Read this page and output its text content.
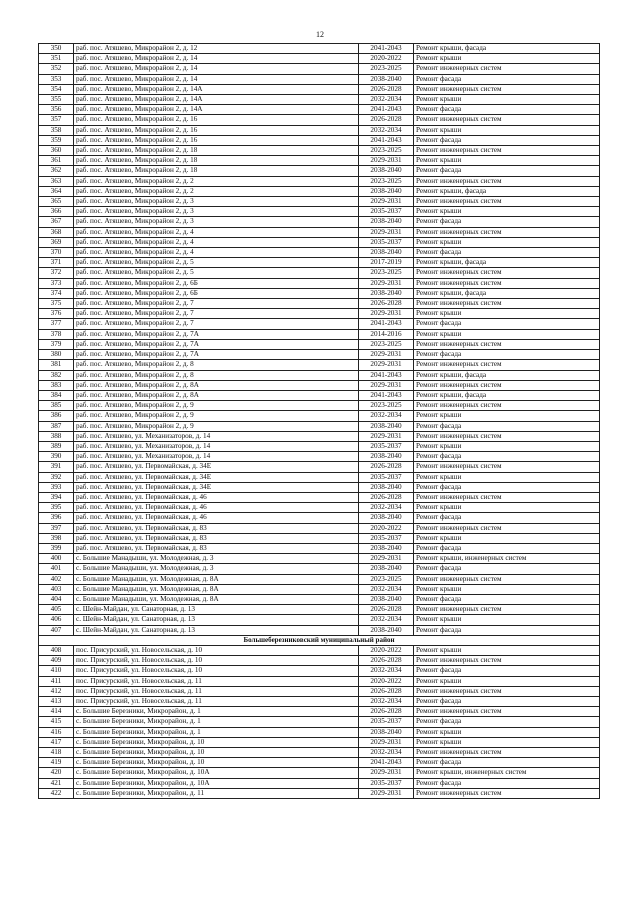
12
350	раб. пос. Атяшево, Микрорайон 2, д. 12	2041-2043	Ремонт крыши, фасада
351	раб. пос. Атяшево, Микрорайон 2, д. 14	2020-2022	Ремонт крыши
352	раб. пос. Атяшево, Микрорайон 2, д. 14	2023-2025	Ремонт инженерных систем
353	раб. пос. Атяшево, Микрорайон 2, д. 14	2038-2040	Ремонт фасада
354	раб. пос. Атяшево, Микрорайон 2, д. 14А	2026-2028	Ремонт инженерных систем
355	раб. пос. Атяшево, Микрорайон 2, д. 14А	2032-2034	Ремонт крыши
356	раб. пос. Атяшево, Микрорайон 2, д. 14А	2041-2043	Ремонт фасада
357	раб. пос. Атяшево, Микрорайон 2, д. 16	2026-2028	Ремонт инженерных систем
358	раб. пос. Атяшево, Микрорайон 2, д. 16	2032-2034	Ремонт крыши
359	раб. пос. Атяшево, Микрорайон 2, д. 16	2041-2043	Ремонт фасада
360	раб. пос. Атяшево, Микрорайон 2, д. 18	2023-2025	Ремонт инженерных систем
361	раб. пос. Атяшево, Микрорайон 2, д. 18	2029-2031	Ремонт крыши
362	раб. пос. Атяшево, Микрорайон 2, д. 18	2038-2040	Ремонт фасада
363	раб. пос. Атяшево, Микрорайон 2, д. 2	2023-2025	Ремонт инженерных систем
364	раб. пос. Атяшево, Микрорайон 2, д. 2	2038-2040	Ремонт крыши, фасада
365	раб. пос. Атяшево, Микрорайон 2, д. 3	2029-2031	Ремонт инженерных систем
366	раб. пос. Атяшево, Микрорайон 2, д. 3	2035-2037	Ремонт крыши
367	раб. пос. Атяшево, Микрорайон 2, д. 3	2038-2040	Ремонт фасада
368	раб. пос. Атяшево, Микрорайон 2, д. 4	2029-2031	Ремонт инженерных систем
369	раб. пос. Атяшево, Микрорайон 2, д. 4	2035-2037	Ремонт крыши
370	раб. пос. Атяшево, Микрорайон 2, д. 4	2038-2040	Ремонт фасада
371	раб. пос. Атяшево, Микрорайон 2, д. 5	2017-2019	Ремонт крыши, фасада
372	раб. пос. Атяшево, Микрорайон 2, д. 5	2023-2025	Ремонт инженерных систем
373	раб. пос. Атяшево, Микрорайон 2, д. 6Б	2029-2031	Ремонт инженерных систем
374	раб. пос. Атяшево, Микрорайон 2, д. 6Б	2038-2040	Ремонт крыши, фасада
375	раб. пос. Атяшево, Микрорайон 2, д. 7	2026-2028	Ремонт инженерных систем
376	раб. пос. Атяшево, Микрорайон 2, д. 7	2029-2031	Ремонт крыши
377	раб. пос. Атяшево, Микрорайон 2, д. 7	2041-2043	Ремонт фасада
378	раб. пос. Атяшево, Микрорайон 2, д. 7А	2014-2016	Ремонт крыши
379	раб. пос. Атяшево, Микрорайон 2, д. 7А	2023-2025	Ремонт инженерных систем
380	раб. пос. Атяшево, Микрорайон 2, д. 7А	2029-2031	Ремонт фасада
381	раб. пос. Атяшево, Микрорайон 2, д. 8	2029-2031	Ремонт инженерных систем
382	раб. пос. Атяшево, Микрорайон 2, д. 8	2041-2043	Ремонт крыши, фасада
383	раб. пос. Атяшево, Микрорайон 2, д. 8А	2029-2031	Ремонт инженерных систем
384	раб. пос. Атяшево, Микрорайон 2, д. 8А	2041-2043	Ремонт крыши, фасада
385	раб. пос. Атяшево, Микрорайон 2, д. 9	2023-2025	Ремонт инженерных систем
386	раб. пос. Атяшево, Микрорайон 2, д. 9	2032-2034	Ремонт крыши
387	раб. пос. Атяшево, Микрорайон 2, д. 9	2038-2040	Ремонт фасада
388	раб. пос. Атяшево, ул. Механизаторов, д. 14	2029-2031	Ремонт инженерных систем
389	раб. пос. Атяшево, ул. Механизаторов, д. 14	2035-2037	Ремонт крыши
390	раб. пос. Атяшево, ул. Механизаторов, д. 14	2038-2040	Ремонт фасада
391	раб. пос. Атяшево, ул. Первомайская, д. 34Е	2026-2028	Ремонт инженерных систем
392	раб. пос. Атяшево, ул. Первомайская, д. 34Е	2035-2037	Ремонт крыши
393	раб. пос. Атяшево, ул. Первомайская, д. 34Е	2038-2040	Ремонт фасада
394	раб. пос. Атяшево, ул. Первомайская, д. 46	2026-2028	Ремонт инженерных систем
395	раб. пос. Атяшево, ул. Первомайская, д. 46	2032-2034	Ремонт крыши
396	раб. пос. Атяшево, ул. Первомайская, д. 46	2038-2040	Ремонт фасада
397	раб. пос. Атяшево, ул. Первомайская, д. 83	2020-2022	Ремонт инженерных систем
398	раб. пос. Атяшево, ул. Первомайская, д. 83	2035-2037	Ремонт крыши
399	раб. пос. Атяшево, ул. Первомайская, д. 83	2038-2040	Ремонт фасада
400	с. Большие Манадыши, ул. Молодежная, д. 3	2029-2031	Ремонт крыши, инженерных систем
401	с. Большие Манадыши, ул. Молодежная, д. 3	2038-2040	Ремонт фасада
402	с. Большие Манадыши, ул. Молодежная, д. 8А	2023-2025	Ремонт инженерных систем
403	с. Большие Манадыши, ул. Молодежная, д. 8А	2032-2034	Ремонт крыши
404	с. Большие Манадыши, ул. Молодежная, д. 8А	2038-2040	Ремонт фасада
405	с. Шейн-Майдан, ул. Санаторная, д. 13	2026-2028	Ремонт инженерных систем
406	с. Шейн-Майдан, ул. Санаторная, д. 13	2032-2034	Ремонт крыши
407	с. Шейн-Майдан, ул. Санаторная, д. 13	2038-2040	Ремонт фасада
Большеберезниковский муниципальный район			
408	пос. Присурский, ул. Новосельская, д. 10	2020-2022	Ремонт крыши
409	пос. Присурский, ул. Новосельская, д. 10	2026-2028	Ремонт инженерных систем
410	пос. Присурский, ул. Новосельская, д. 10	2032-2034	Ремонт фасада
411	пос. Присурский, ул. Новосельская, д. 11	2020-2022	Ремонт крыши
412	пос. Присурский, ул. Новосельская, д. 11	2026-2028	Ремонт инженерных систем
413	пос. Присурский, ул. Новосельская, д. 11	2032-2034	Ремонт фасада
414	с. Большие Березники, Микрорайон, д. 1	2026-2028	Ремонт инженерных систем
415	с. Большие Березники, Микрорайон, д. 1	2035-2037	Ремонт фасада
416	с. Большие Березники, Микрорайон, д. 1	2038-2040	Ремонт крыши
417	с. Большие Березники, Микрорайон, д. 10	2029-2031	Ремонт крыши
418	с. Большие Березники, Микрорайон, д. 10	2032-2034	Ремонт инженерных систем
419	с. Большие Березники, Микрорайон, д. 10	2041-2043	Ремонт фасада
420	с. Большие Березники, Микрорайон, д. 10А	2029-2031	Ремонт крыши, инженерных систем
421	с. Большие Березники, Микрорайон, д. 10А	2035-2037	Ремонт фасада
422	с. Большие Березники, Микрорайон, д. 11	2029-2031	Ремонт инженерных систем
